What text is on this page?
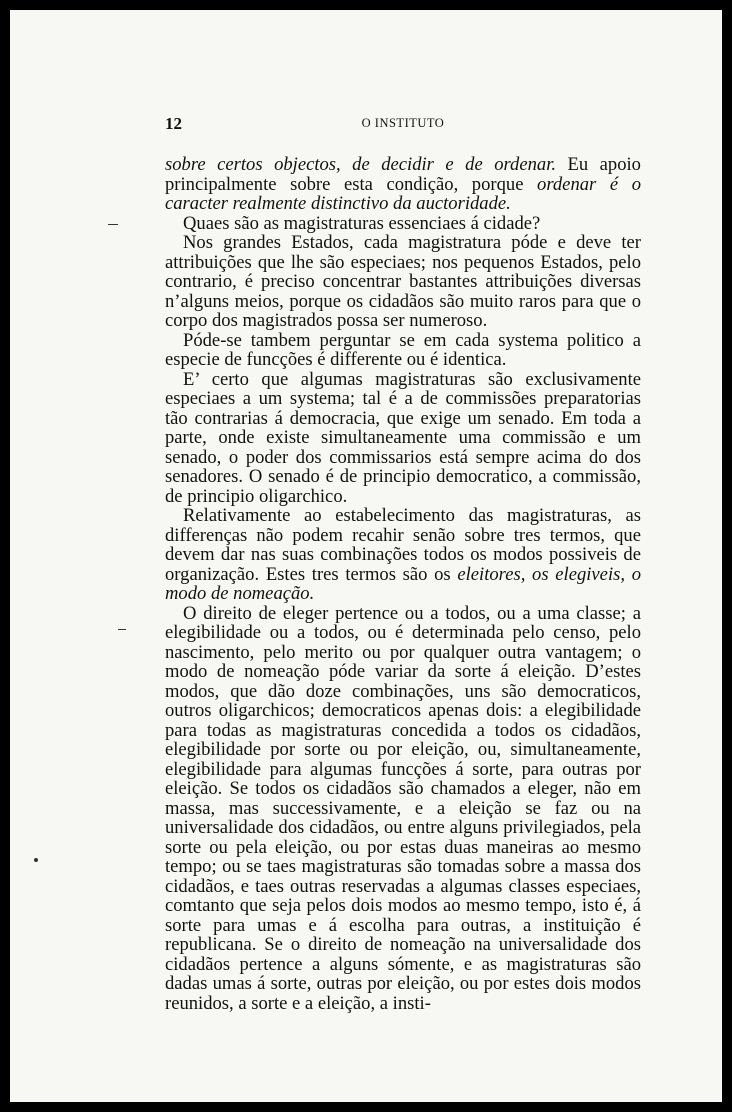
12	O INSTITUTO

sobre certos objectos, de decidir e de ordenar. Eu apoio principalmente sobre esta condição, porque ordenar é o caracter realmente distinctivo da auctoridade.

Quaes são as magistraturas essenciaes á cidade?

Nos grandes Estados, cada magistratura póde e deve ter attribuições que lhe são especiaes; nos pequenos Estados, pelo contrario, é preciso concentrar bastantes attribuições diversas n’alguns meios, porque os cidadãos são muito raros para que o corpo dos magistrados possa ser numeroso.

Póde-se tambem perguntar se em cada systema politico a especie de funcções é differente ou é identica.

E’ certo que algumas magistraturas são exclusivamente especiaes a um systema; tal é a de commissões preparatorias tão contrarias á democracia, que exige um senado. Em toda a parte, onde existe simultaneamente uma commissão e um senado, o poder dos commissarios está sempre acima do dos senadores. O senado é de principio democratico, a commissão, de principio oligarchico.

Relativamente ao estabelecimento das magistraturas, as differenças não podem recahir senão sobre tres termos, que devem dar nas suas combinações todos os modos possiveis de organização. Estes tres termos são os eleitores, os elegiveis, o modo de nomeação.

O direito de eleger pertence ou a todos, ou a uma classe; a elegibilidade ou a todos, ou é determinada pelo censo, pelo nascimento, pelo merito ou por qualquer outra vantagem; o modo de nomeação póde variar da sorte á eleição. D’estes modos, que dão doze combinações, uns são democraticos, outros oligarchicos; democraticos apenas dois: a elegibilidade para todas as magistraturas concedida a todos os cidadãos, elegibilidade por sorte ou por eleição, ou, simultaneamente, elegibilidade para algumas funcções á sorte, para outras por eleição. Se todos os cidadãos são chamados a eleger, não em massa, mas successivamente, e a eleição se faz ou na universalidade dos cidadãos, ou entre alguns privilegiados, pela sorte ou pela eleição, ou por estas duas maneiras ao mesmo tempo; ou se taes magistraturas são tomadas sobre a massa dos cidadãos, e taes outras reservadas a algumas classes especiaes, comtanto que seja pelos dois modos ao mesmo tempo, isto é, á sorte para umas e á escolha para outras, a instituição é republicana. Se o direito de nomeação na universalidade dos cidadãos pertence a alguns sómente, e as magistraturas são dadas umas á sorte, outras por eleição, ou por estes dois modos reunidos, a sorte e a eleição, a insti-
